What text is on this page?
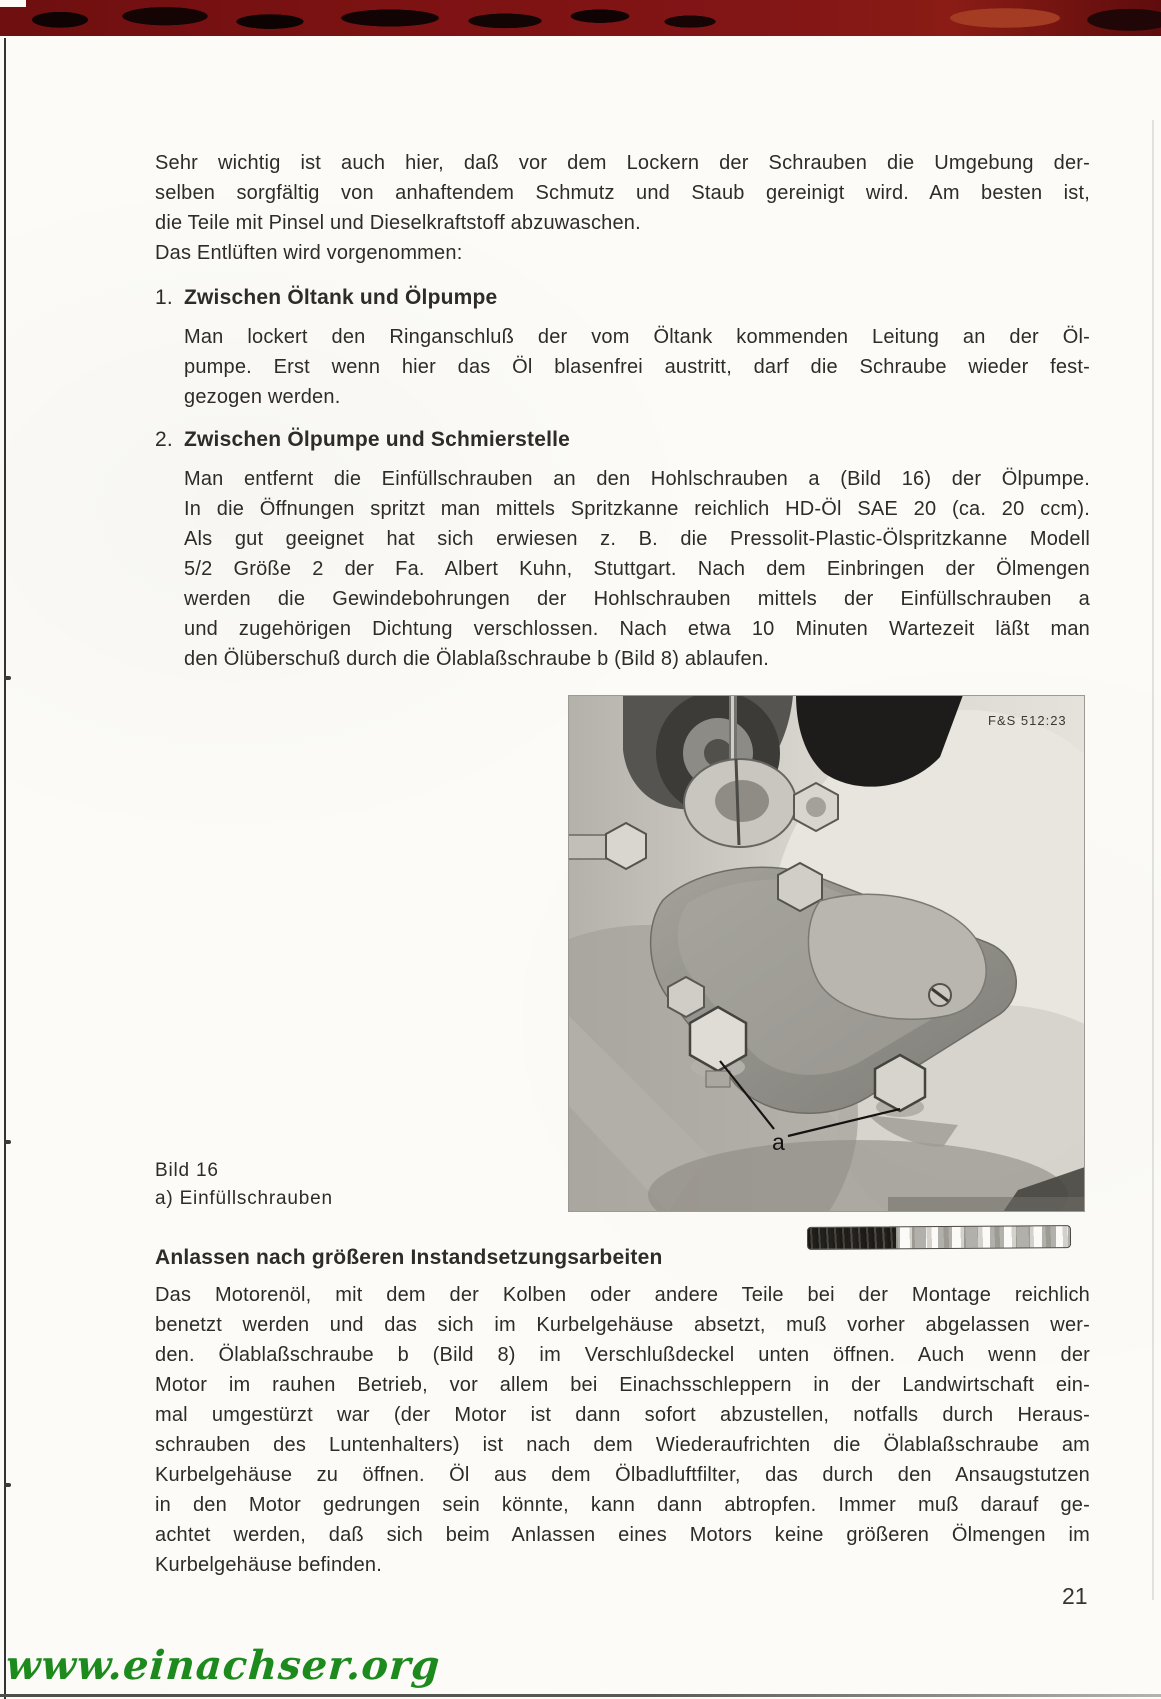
Sehr wichtig ist auch hier, daß vor dem Lockern der Schrauben die Umgebung der-
selben sorgfältig von anhaftendem Schmutz und Staub gereinigt wird. Am besten ist,
die Teile mit Pinsel und Dieselkraftstoff abzuwaschen.
Das Entlüften wird vorgenommen:
1. Zwischen Öltank und Ölpumpe
Man lockert den Ringanschluß der vom Öltank kommenden Leitung an der Öl-
pumpe. Erst wenn hier das Öl blasenfrei austritt, darf die Schraube wieder fest-
gezogen werden.
2. Zwischen Ölpumpe und Schmierstelle
Man entfernt die Einfüllschrauben an den Hohlschrauben a (Bild 16) der Ölpumpe.
In die Öffnungen spritzt man mittels Spritzkanne reichlich HD-Öl SAE 20 (ca. 20 ccm).
Als gut geeignet hat sich erwiesen z. B. die Pressolit-Plastic-Ölspritzkanne Modell
5/2 Größe 2 der Fa. Albert Kuhn, Stuttgart. Nach dem Einbringen der Ölmengen
werden die Gewindebohrungen der Hohlschrauben mittels der Einfüllschrauben a
und zugehörigen Dichtung verschlossen. Nach etwa 10 Minuten Wartezeit läßt man
den Ölüberschuß durch die Ölablaßschraube b (Bild 8) ablaufen.
a
F&S 512:23
Bild 16
a) Einfüllschrauben
Anlassen nach größeren Instandsetzungsarbeiten
Das Motorenöl, mit dem der Kolben oder andere Teile bei der Montage reichlich
benetzt werden und das sich im Kurbelgehäuse absetzt, muß vorher abgelassen wer-
den. Ölablaßschraube b (Bild 8) im Verschlußdeckel unten öffnen. Auch wenn der
Motor im rauhen Betrieb, vor allem bei Einachsschleppern in der Landwirtschaft ein-
mal umgestürzt war (der Motor ist dann sofort abzustellen, notfalls durch Heraus-
schrauben des Luntenhalters) ist nach dem Wiederaufrichten die Ölablaßschraube am
Kurbelgehäuse zu öffnen. Öl aus dem Ölbadluftfilter, das durch den Ansaugstutzen
in den Motor gedrungen sein könnte, kann dann abtropfen. Immer muß darauf ge-
achtet werden, daß sich beim Anlassen eines Motors keine größeren Ölmengen im
Kurbelgehäuse befinden.
21
www.einachser.org
